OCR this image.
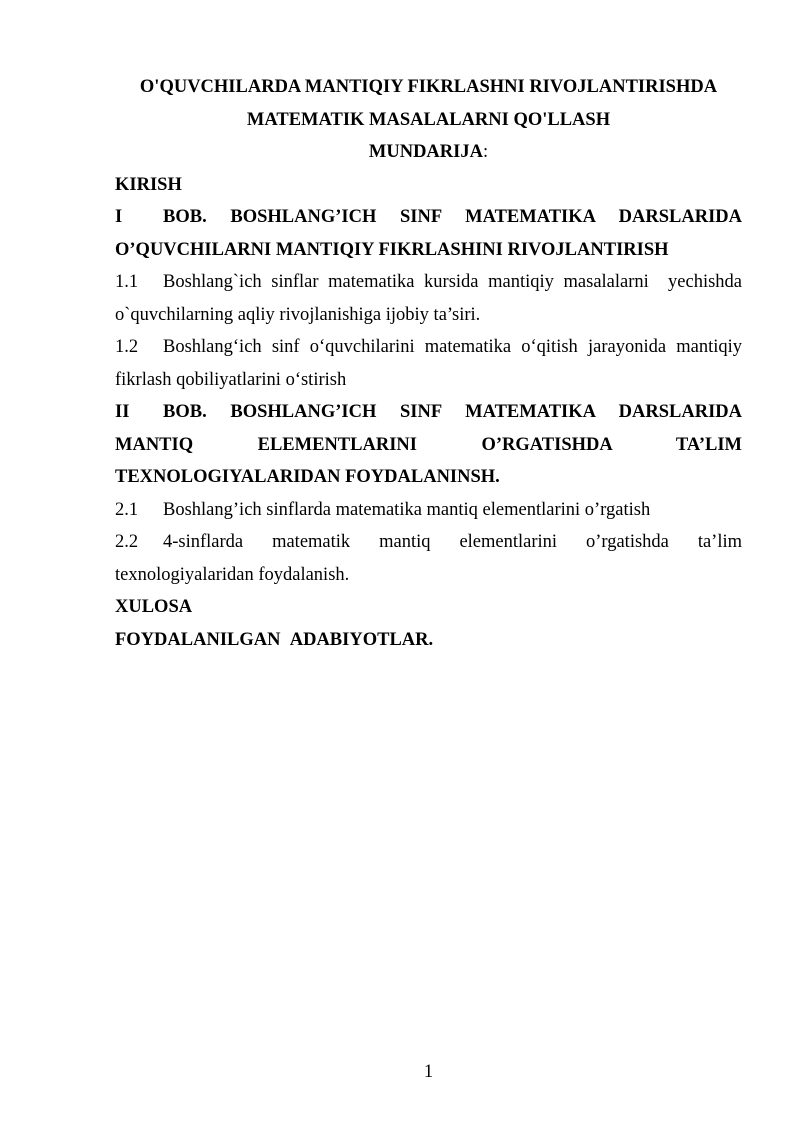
O'QUVCHILARDA MANTIQIY FIKRLASHNI RIVOJLANTIRISHDA
MATEMATIK MASALALARNI QO'LLASH
MUNDARIJA:
KIRISH
I BOB. BOSHLANG’ICH SINF MATEMATIKA DARSLARIDA
O’QUVCHILARNI MANTIQIY FIKRLASHINI RIVOJLANTIRISH
1.1 Boshlang`ich sinflar matematika kursida mantiqiy masalalarni  yechishda
o`quvchilarning aqliy rivojlanishiga ijobiy ta’siri.
1.2 Boshlang‘ich sinf o‘quvchilarini matematika o‘qitish jarayonida mantiqiy
fikrlash qobiliyatlarini o‘stirish
II BOB. BOSHLANG’ICH SINF MATEMATIKA DARSLARIDA
MANTIQ ELEMENTLARINI O’RGATISHDA TA’LIM
TEXNOLOGIYALARIDAN FOYDALANINSH.
2.1 Boshlang’ich sinflarda matematika mantiq elementlarini o’rgatish
2.2 4-sinflarda matematik mantiq elementlarini o’rgatishda ta’lim
texnologiyalaridan foydalanish.
XULOSA
FOYDALANILGAN  ADABIYOTLAR.
1
